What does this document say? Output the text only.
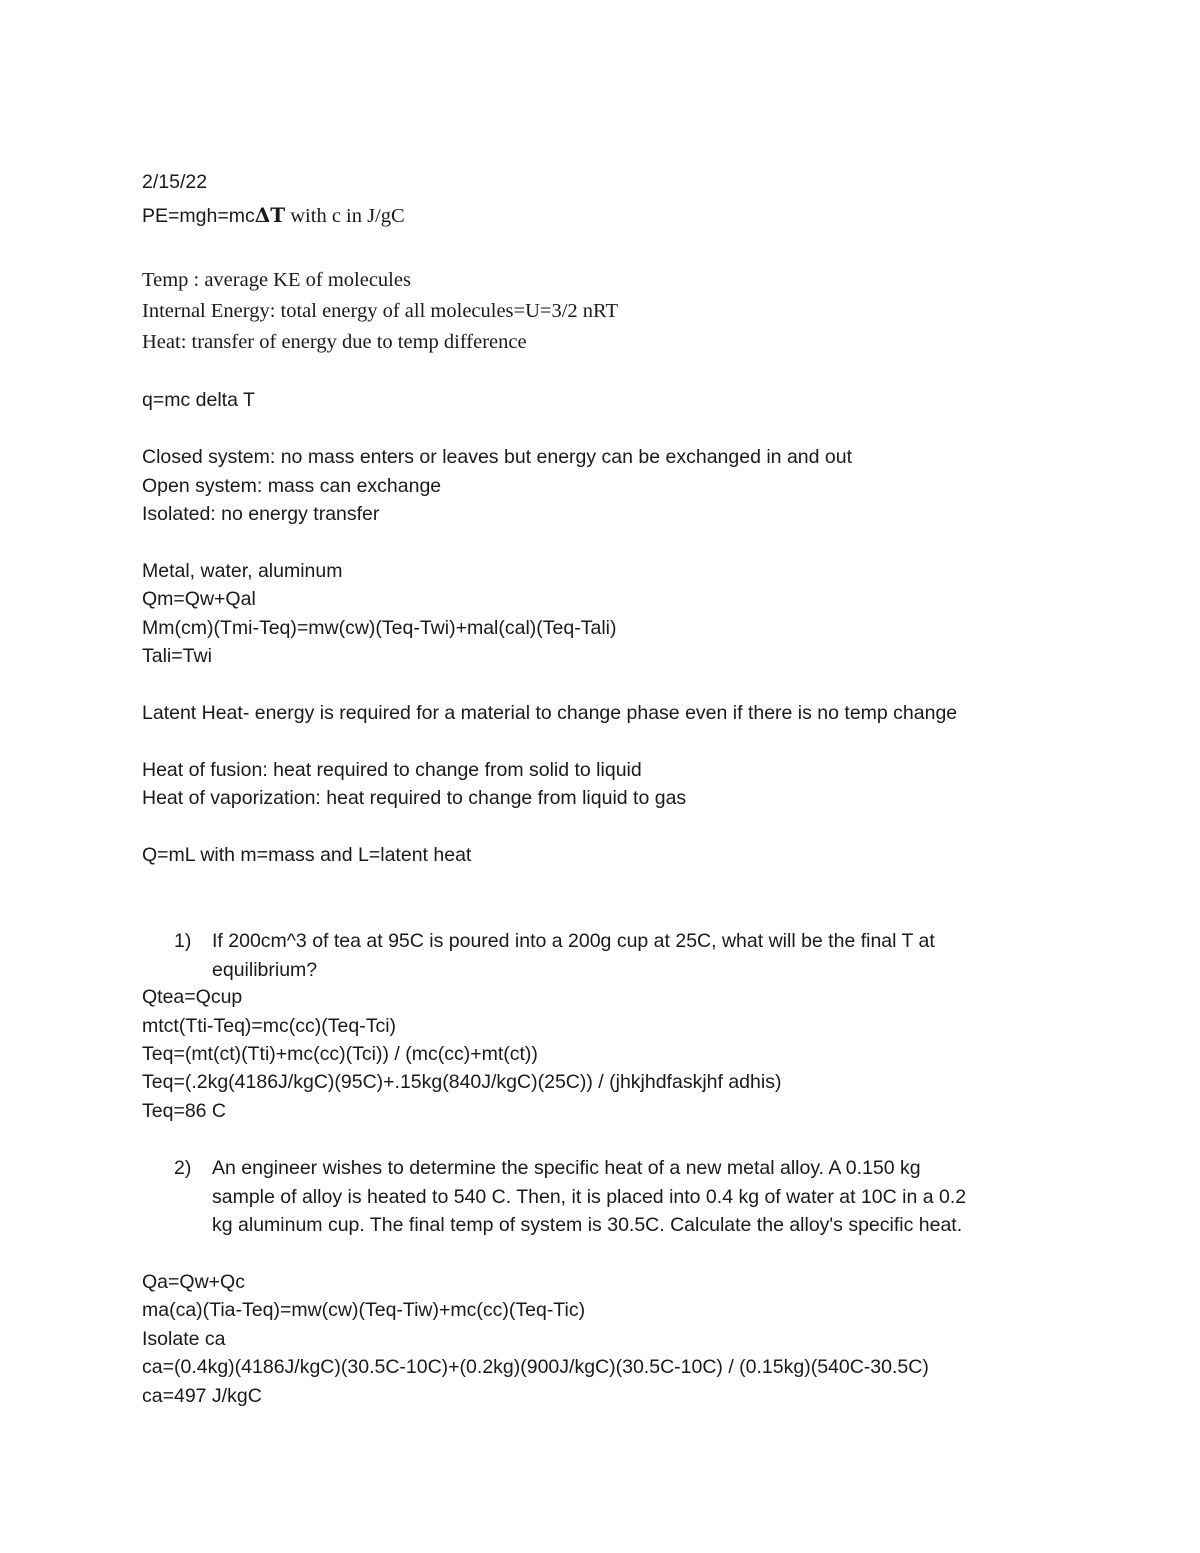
2/15/22
PE=mgh=mcΔT with c in J/gC
Temp : average KE of molecules
Internal Energy: total energy of all molecules=U=3/2 nRT
Heat: transfer of energy due to temp difference
q=mc delta T
Closed system: no mass enters or leaves but energy can be exchanged in and out
Open system: mass can exchange
Isolated: no energy transfer
Metal, water, aluminum
Qm=Qw+Qal
Mm(cm)(Tmi-Teq)=mw(cw)(Teq-Twi)+mal(cal)(Teq-Tali)
Tali=Twi
Latent Heat- energy is required for a material to change phase even if there is no temp change
Heat of fusion: heat required to change from solid to liquid
Heat of vaporization: heat required to change from liquid to gas
Q=mL with m=mass and L=latent heat
1) If 200cm^3 of tea at 95C is poured into a 200g cup at 25C, what will be the final T at
equilibrium?
Qtea=Qcup
mtct(Tti-Teq)=mc(cc)(Teq-Tci)
Teq=(mt(ct)(Tti)+mc(cc)(Tci)) / (mc(cc)+mt(ct))
Teq=(.2kg(4186J/kgC)(95C)+.15kg(840J/kgC)(25C)) / (jhkjhdfaskjhf adhis)
Teq=86 C
2) An engineer wishes to determine the specific heat of a new metal alloy. A 0.150 kg
sample of alloy is heated to 540 C. Then, it is placed into 0.4 kg of water at 10C in a 0.2
kg aluminum cup. The final temp of system is 30.5C. Calculate the alloy's specific heat.
Qa=Qw+Qc
ma(ca)(Tia-Teq)=mw(cw)(Teq-Tiw)+mc(cc)(Teq-Tic)
Isolate ca
ca=(0.4kg)(4186J/kgC)(30.5C-10C)+(0.2kg)(900J/kgC)(30.5C-10C) / (0.15kg)(540C-30.5C)
ca=497 J/kgC
